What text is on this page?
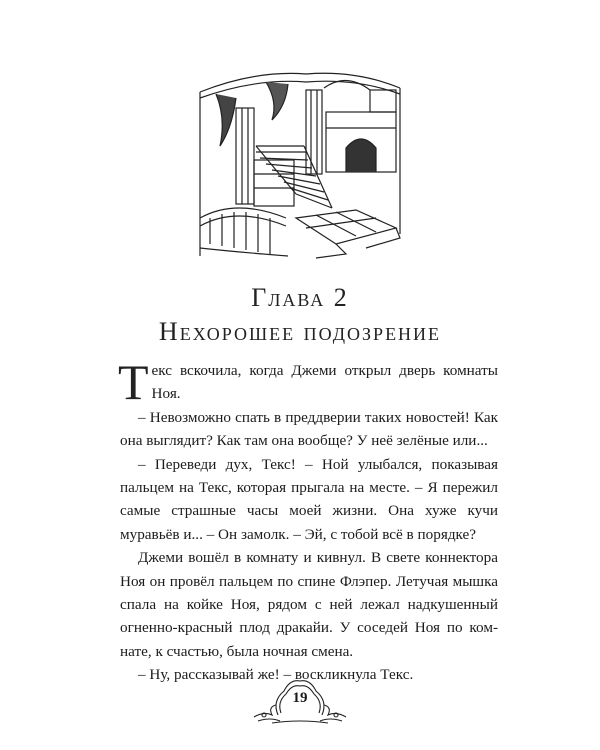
Глава 2
Нехорошее подозрение

Текс вскочила, когда Джеми открыл дверь комнаты Ноя.

– Невозможно спать в преддверии таких новостей! Как она выглядит? Как там она вообще? У неё зелёные или...

– Переведи дух, Текс! – Ной улыбался, показывая пальцем на Текс, которая прыгала на месте. – Я пережил самые страшные часы моей жизни. Она хуже кучи муравьёв и... – Он замолк. – Эй, с тобой всё в порядке?

Джеми вошёл в комнату и кивнул. В свете коннектора Ноя он провёл пальцем по спине Флэпер. Летучая мышка спала на койке Ноя, рядом с ней лежал надкушенный огненно-красный плод дракайи. У соседей Ноя по комнате, к счастью, была ночная смена.

– Ну, рассказывай же! – воскликнула Текс.

19
